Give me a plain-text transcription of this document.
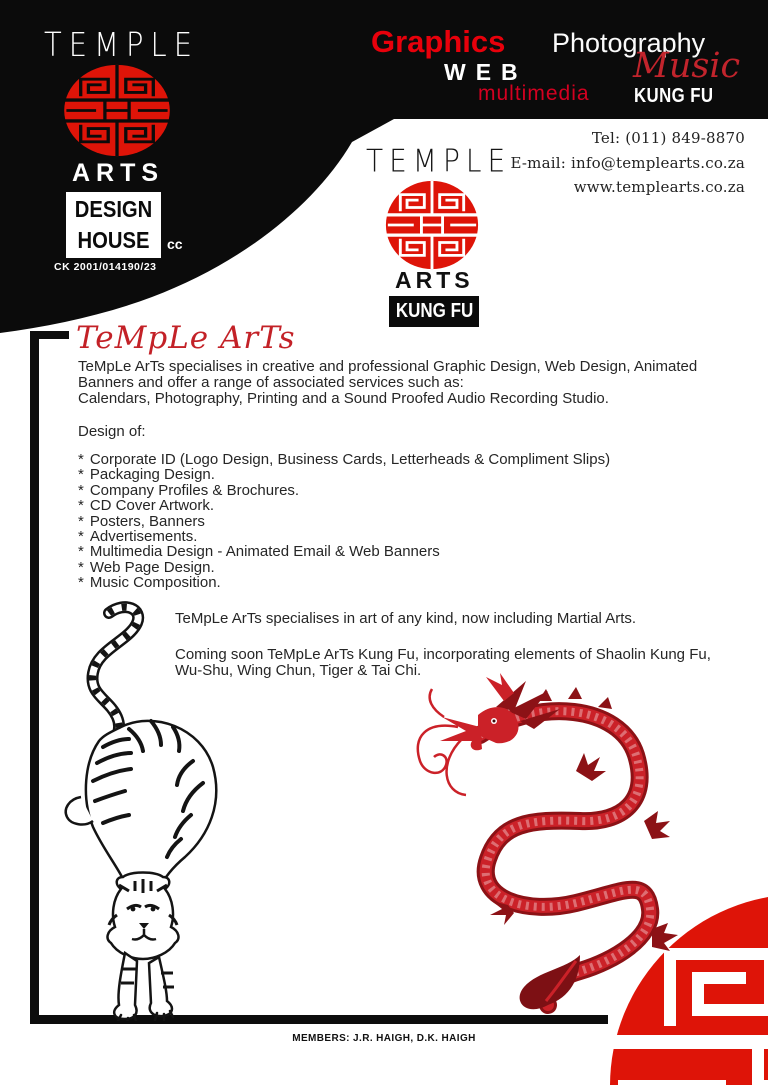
TEMPLE
ARTS
DESIGN
HOUSE	cc
CK 2001/014190/23
Graphics Photography
WEB	Music
multimedia KUNG FU
Tel: (011) 849-8870
E-mail: info@templearts.co.za
www.templearts.co.za
TEMPLE
ARTS
KUNG FU
TeMpLe ArTs
TeMpLe ArTs specialises in creative and professional Graphic Design, Web Design, Animated
Banners and offer a range of associated services such as:
Calendars, Photography, Printing and a Sound Proofed Audio Recording Studio.
Design of:
* Corporate ID (Logo Design, Business Cards, Letterheads & Compliment Slips)
* Packaging Design.
* Company Profiles & Brochures.
* CD Cover Artwork.
* Posters, Banners
* Advertisements.
* Multimedia Design - Animated Email & Web Banners
* Web Page Design.
* Music Composition.
TeMpLe ArTs specialises in art of any kind, now including Martial Arts.
Coming soon TeMpLe ArTs Kung Fu, incorporating elements of Shaolin Kung Fu,
Wu-Shu, Wing Chun, Tiger & Tai Chi.
MEMBERS: J.R. HAIGH, D.K. HAIGH
